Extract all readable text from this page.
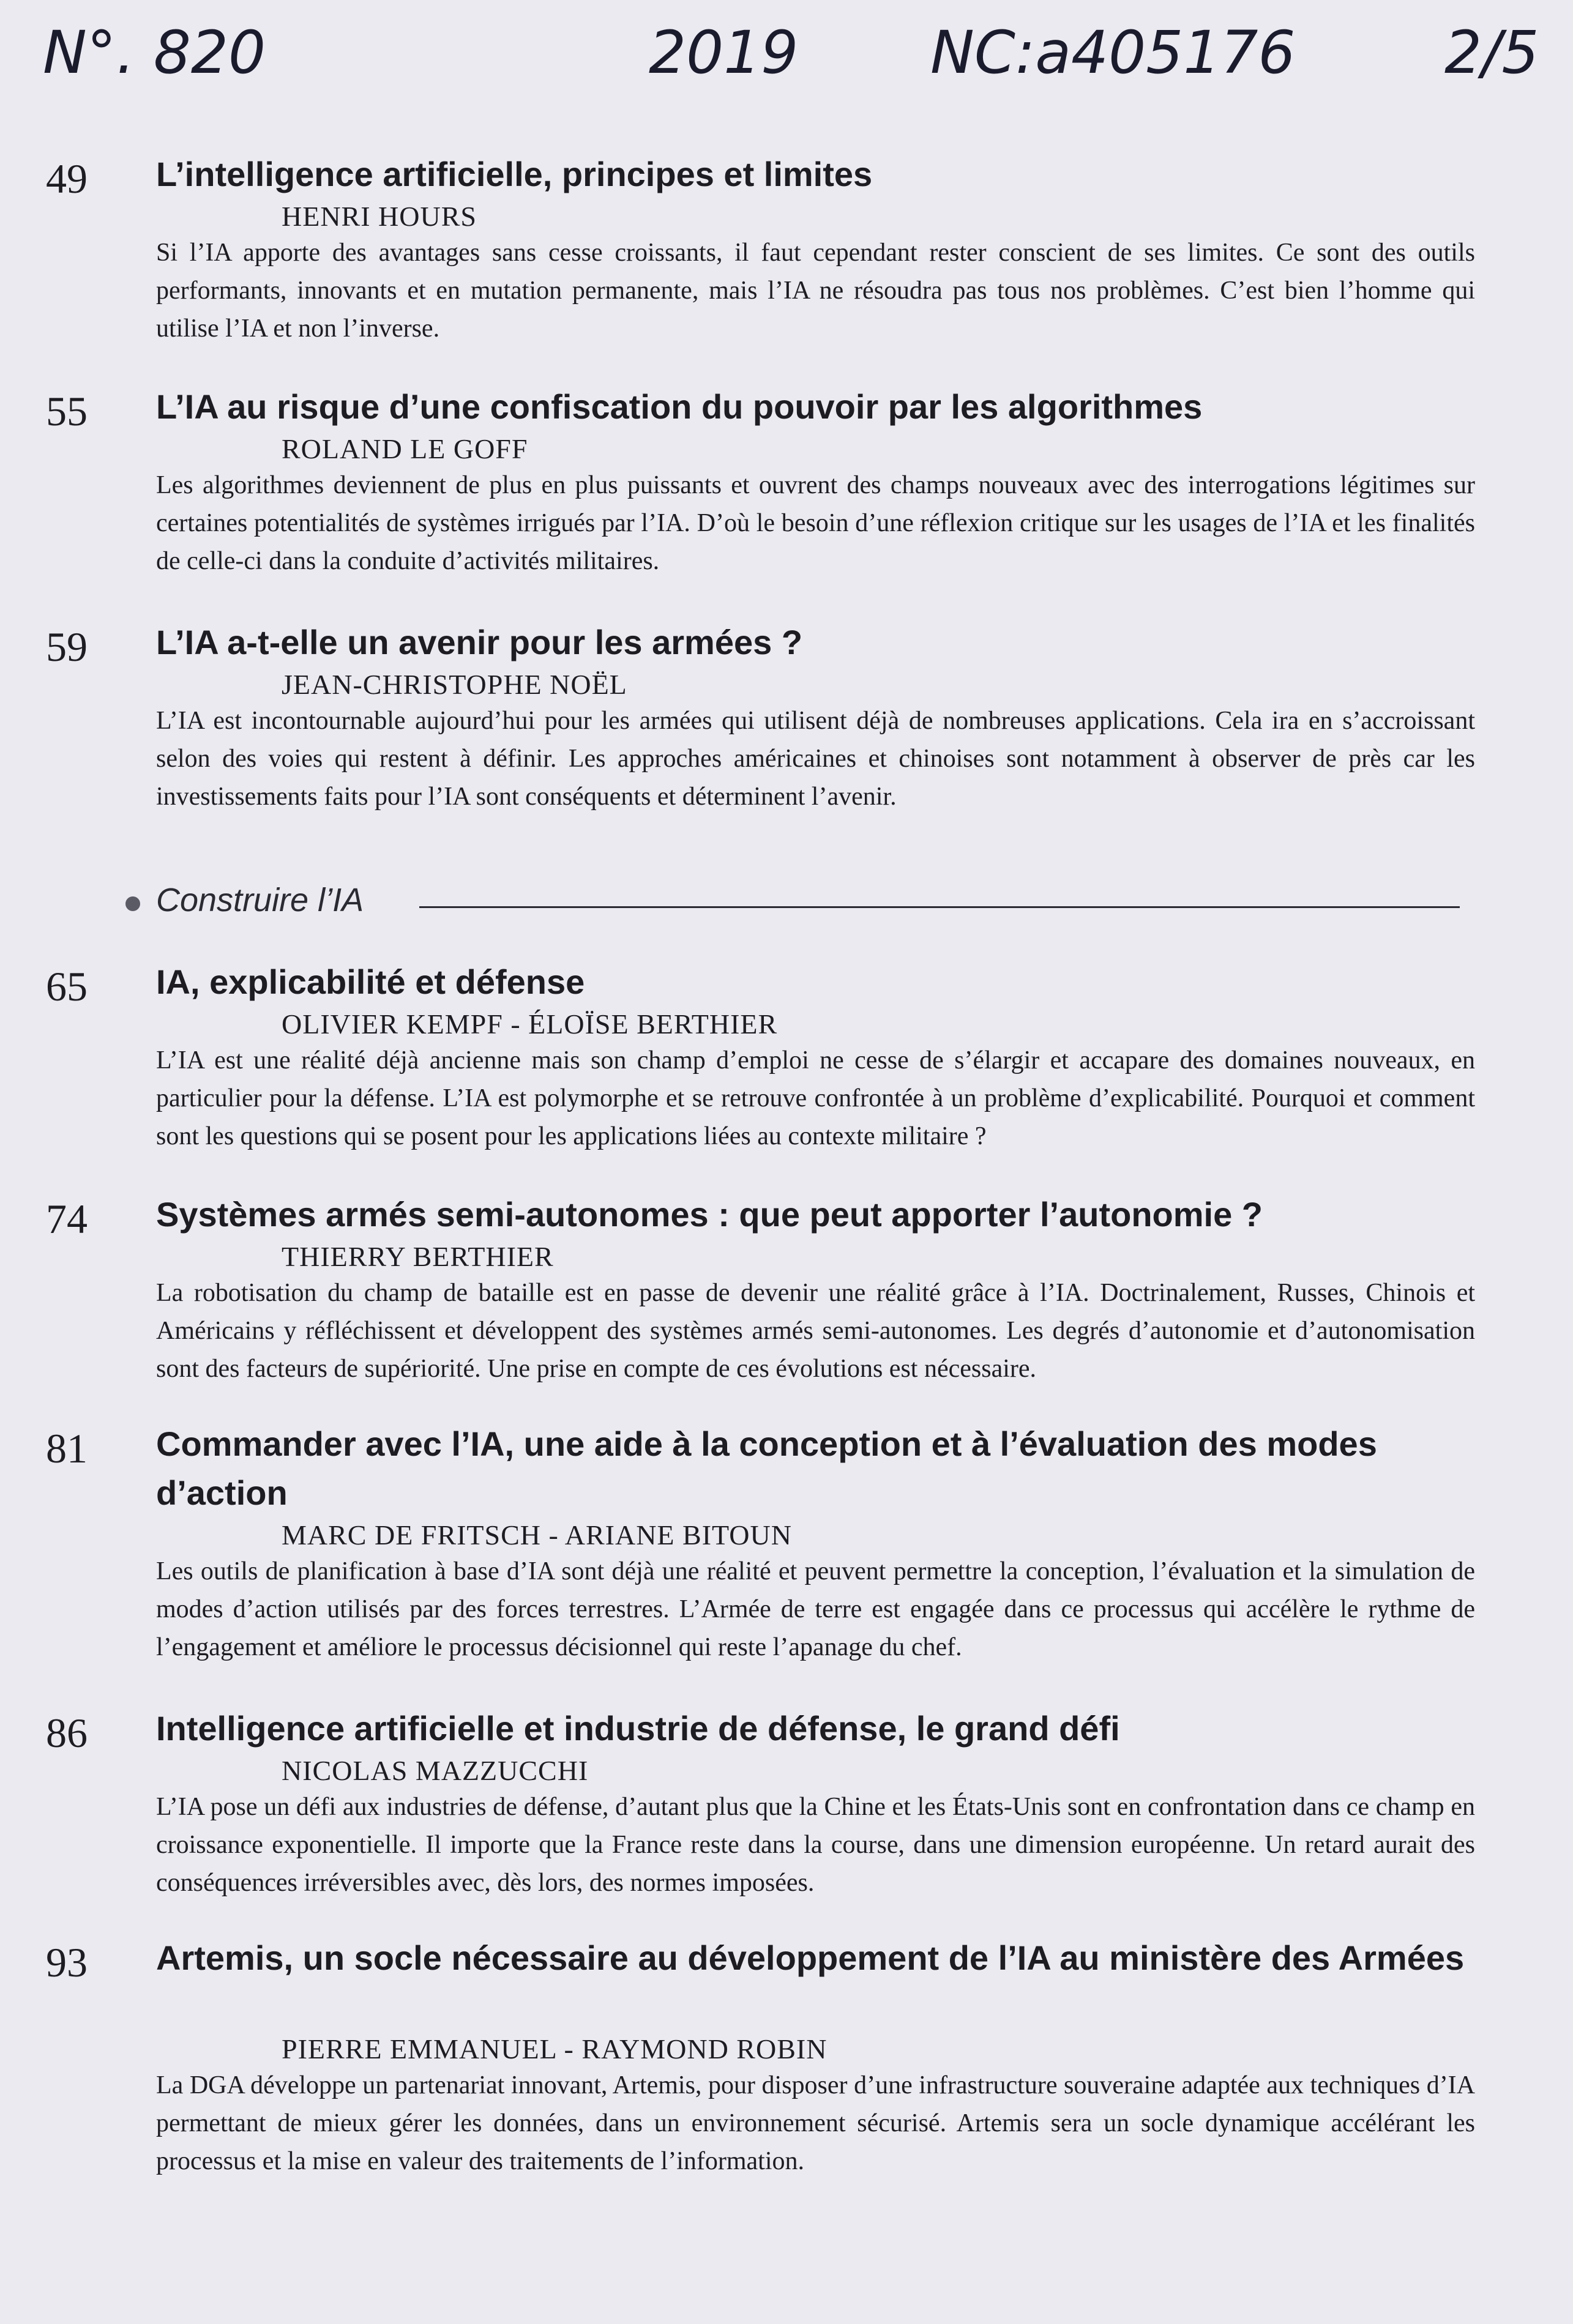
N°. 820	2019 NC:a405176	2/5
49 L’intelligence artificielle, principes et limites
HENRI HOURS
Si l’IA apporte des avantages sans cesse croissants, il faut cependant rester conscient de ses limites. Ce sont des outils performants, innovants et en mutation permanente, mais l’IA ne résoudra pas tous nos problèmes. C’est bien l’homme qui utilise l’IA et non l’inverse.
55 L’IA au risque d’une confiscation du pouvoir par les algorithmes
ROLAND LE GOFF
Les algorithmes deviennent de plus en plus puissants et ouvrent des champs nouveaux avec des interrogations légitimes sur certaines potentialités de systèmes irrigués par l’IA. D’où le besoin d’une réflexion critique sur les usages de l’IA et les finalités de celle-ci dans la conduite d’activités militaires.
59 L’IA a-t-elle un avenir pour les armées ?
JEAN-CHRISTOPHE NOËL
L’IA est incontournable aujourd’hui pour les armées qui utilisent déjà de nombreuses applications. Cela ira en s’accroissant selon des voies qui restent à définir. Les approches américaines et chinoises sont notamment à observer de près car les investissements faits pour l’IA sont conséquents et déterminent l’avenir.
Construire l’IA
65 IA, explicabilité et défense
OLIVIER KEMPF - ÉLOÏSE BERTHIER
L’IA est une réalité déjà ancienne mais son champ d’emploi ne cesse de s’élargir et accapare des domaines nouveaux, en particulier pour la défense. L’IA est polymorphe et se retrouve confrontée à un problème d’explicabilité. Pourquoi et comment sont les questions qui se posent pour les applications liées au contexte militaire ?
74 Systèmes armés semi-autonomes : que peut apporter l’autonomie ?
THIERRY BERTHIER
La robotisation du champ de bataille est en passe de devenir une réalité grâce à l’IA. Doctrinalement, Russes, Chinois et Américains y réfléchissent et développent des systèmes armés semi-autonomes. Les degrés d’autonomie et d’autonomisation sont des facteurs de supériorité. Une prise en compte de ces évolutions est nécessaire.
81 Commander avec l’IA, une aide à la conception et à l’évaluation des modes d’action
MARC DE FRITSCH - ARIANE BITOUN
Les outils de planification à base d’IA sont déjà une réalité et peuvent permettre la conception, l’évaluation et la simulation de modes d’action utilisés par des forces terrestres. L’Armée de terre est engagée dans ce processus qui accélère le rythme de l’engagement et améliore le processus décisionnel qui reste l’apanage du chef.
86 Intelligence artificielle et industrie de défense, le grand défi
NICOLAS MAZZUCCHI
L’IA pose un défi aux industries de défense, d’autant plus que la Chine et les États-Unis sont en confrontation dans ce champ en croissance exponentielle. Il importe que la France reste dans la course, dans une dimension européenne. Un retard aurait des conséquences irréversibles avec, dès lors, des normes imposées.
93 Artemis, un socle nécessaire au développement de l’IA au ministère des Armées
PIERRE EMMANUEL - RAYMOND ROBIN
La DGA développe un partenariat innovant, Artemis, pour disposer d’une infrastructure souveraine adaptée aux techniques d’IA permettant de mieux gérer les données, dans un environnement sécurisé. Artemis sera un socle dynamique accélérant les processus et la mise en valeur des traitements de l’information.
